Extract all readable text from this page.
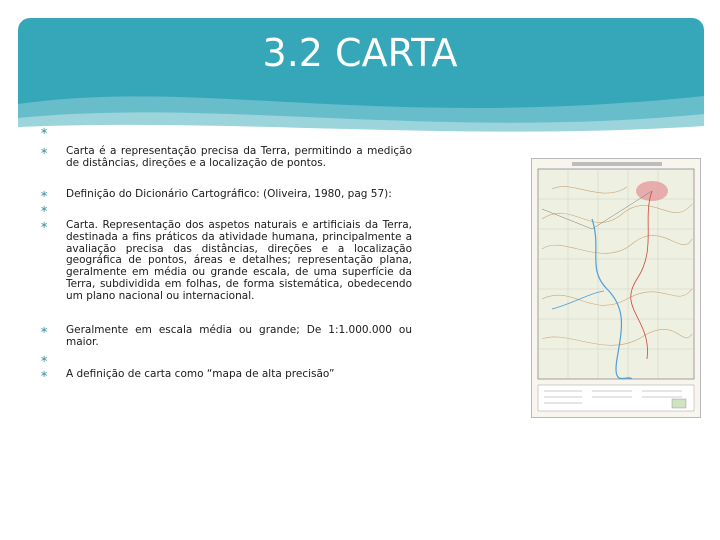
3.2 CARTA
∗
∗	Carta é a representação precisa da Terra, permitindo a medição de distâncias, direções e a localização de pontos.
∗	Definição do Dicionário Cartográfico: (Oliveira, 1980, pag 57):
∗
∗	Carta. Representação dos aspetos naturais e artificiais da Terra, destinada a fins práticos da atividade humana, principalmente a avaliação precisa das distâncias, direções e a localização geográfica de pontos, áreas e detalhes; representação plana, geralmente em média ou grande escala, de uma superfície da Terra, subdividida em folhas, de forma sistemática, obedecendo um plano nacional ou internacional.
∗	Geralmente em escala média ou grande; De 1:1.000.000 ou maior.
∗
∗	A definição de carta como “mapa de alta precisão”
